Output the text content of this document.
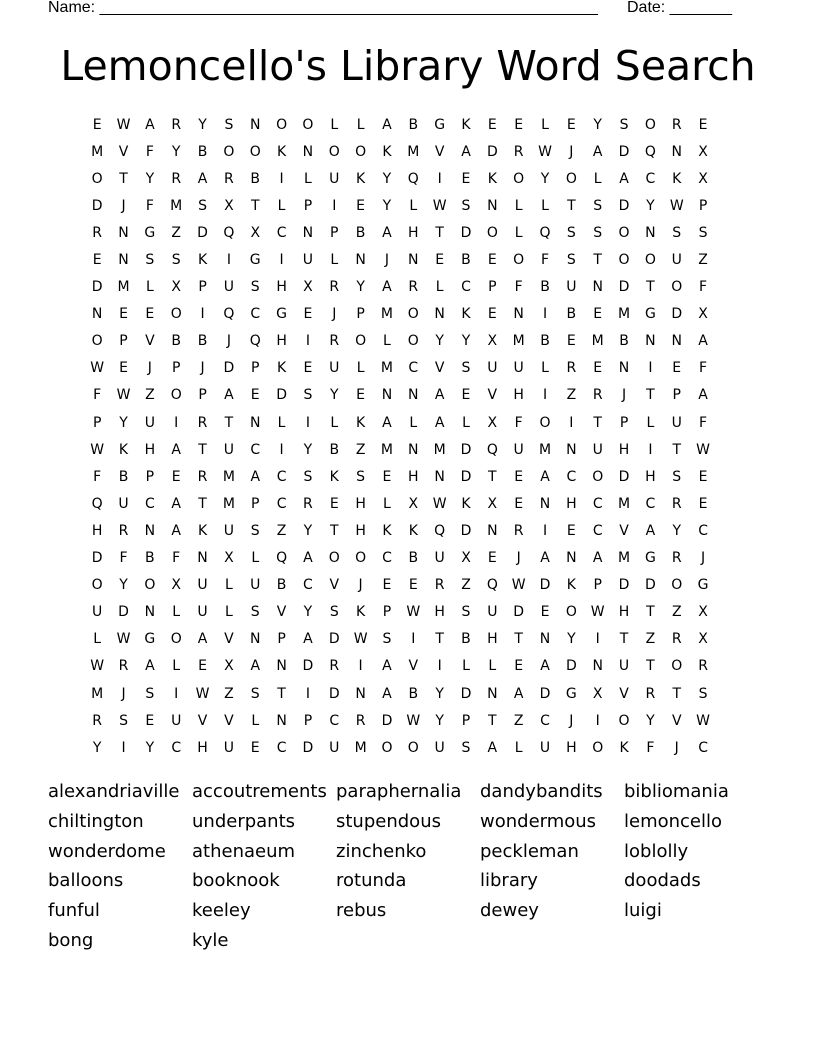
Name: ________________________________________________________

Date: _______

Lemoncello's Library Word Search
E	W	A	R	Y	S	N	O	O	L	L	A	B	G	K	E	E	L	E	Y	S	O	R	E
M	V	F	Y	B	O	O	K	N	O	O	K	M	V	A	D	R	W	J	A	D	Q	N	X
O	T	Y	R	A	R	B	I	L	U	K	Y	Q	I	E	K	O	Y	O	L	A	C	K	X
D	J	F	M	S	X	T	L	P	I	E	Y	L	W	S	N	L	L	T	S	D	Y	W	P
R	N	G	Z	D	Q	X	C	N	P	B	A	H	T	D	O	L	Q	S	S	O	N	S	S
E	N	S	S	K	I	G	I	U	L	N	J	N	E	B	E	O	F	S	T	O	O	U	Z
D	M	L	X	P	U	S	H	X	R	Y	A	R	L	C	P	F	B	U	N	D	T	O	F
N	E	E	O	I	Q	C	G	E	J	P	M	O	N	K	E	N	I	B	E	M	G	D	X
O	P	V	B	B	J	Q	H	I	R	O	L	O	Y	Y	X	M	B	E	M	B	N	N	A
W	E	J	P	J	D	P	K	E	U	L	M	C	V	S	U	U	L	R	E	N	I	E	F
F	W	Z	O	P	A	E	D	S	Y	E	N	N	A	E	V	H	I	Z	R	J	T	P	A
P	Y	U	I	R	T	N	L	I	L	K	A	L	A	L	X	F	O	I	T	P	L	U	F
W	K	H	A	T	U	C	I	Y	B	Z	M	N	M	D	Q	U	M	N	U	H	I	T	W
F	B	P	E	R	M	A	C	S	K	S	E	H	N	D	T	E	A	C	O	D	H	S	E
Q	U	C	A	T	M	P	C	R	E	H	L	X	W	K	X	E	N	H	C	M	C	R	E
H	R	N	A	K	U	S	Z	Y	T	H	K	K	Q	D	N	R	I	E	C	V	A	Y	C
D	F	B	F	N	X	L	Q	A	O	O	C	B	U	X	E	J	A	N	A	M	G	R	J
O	Y	O	X	U	L	U	B	C	V	J	E	E	R	Z	Q W	D	K	P	D	D	O	G
U	D	N	L	U	L	S	V	Y	S	K	P	W	H	S	U	D	E	O W	H	T	Z	X
L	W G	O	A	V	N	P	A	D	W	S	I	T	B	H	T	N	Y	I	T	Z	R	X
W	R	A	L	E	X	A	N	D	R	I	A	V	I	L	L	E	A	D	N	U	T	O	R
M	J	S	I	W	Z	S	T	I	D	N	A	B	Y	D	N	A	D	G	X	V	R	T	S
R	S	E	U	V	V	L	N	P	C	R	D	W	Y	P	T	Z	C	J	I	O	Y	V	W
Y	I	Y	C	H	U	E	C	D	U	M	O	O	U	S	A	L	U	H	O	K	F	J	C
alexandriaville accoutrements paraphernalia	dandybandits	bibliomania
chiltington	underpants	stupendous	wondermous	lemoncello
wonderdome	athenaeum	zinchenko	peckleman	loblolly
balloons	booknook	rotunda	library	doodads
funful	keeley	rebus	dewey	luigi
bong	kyle
